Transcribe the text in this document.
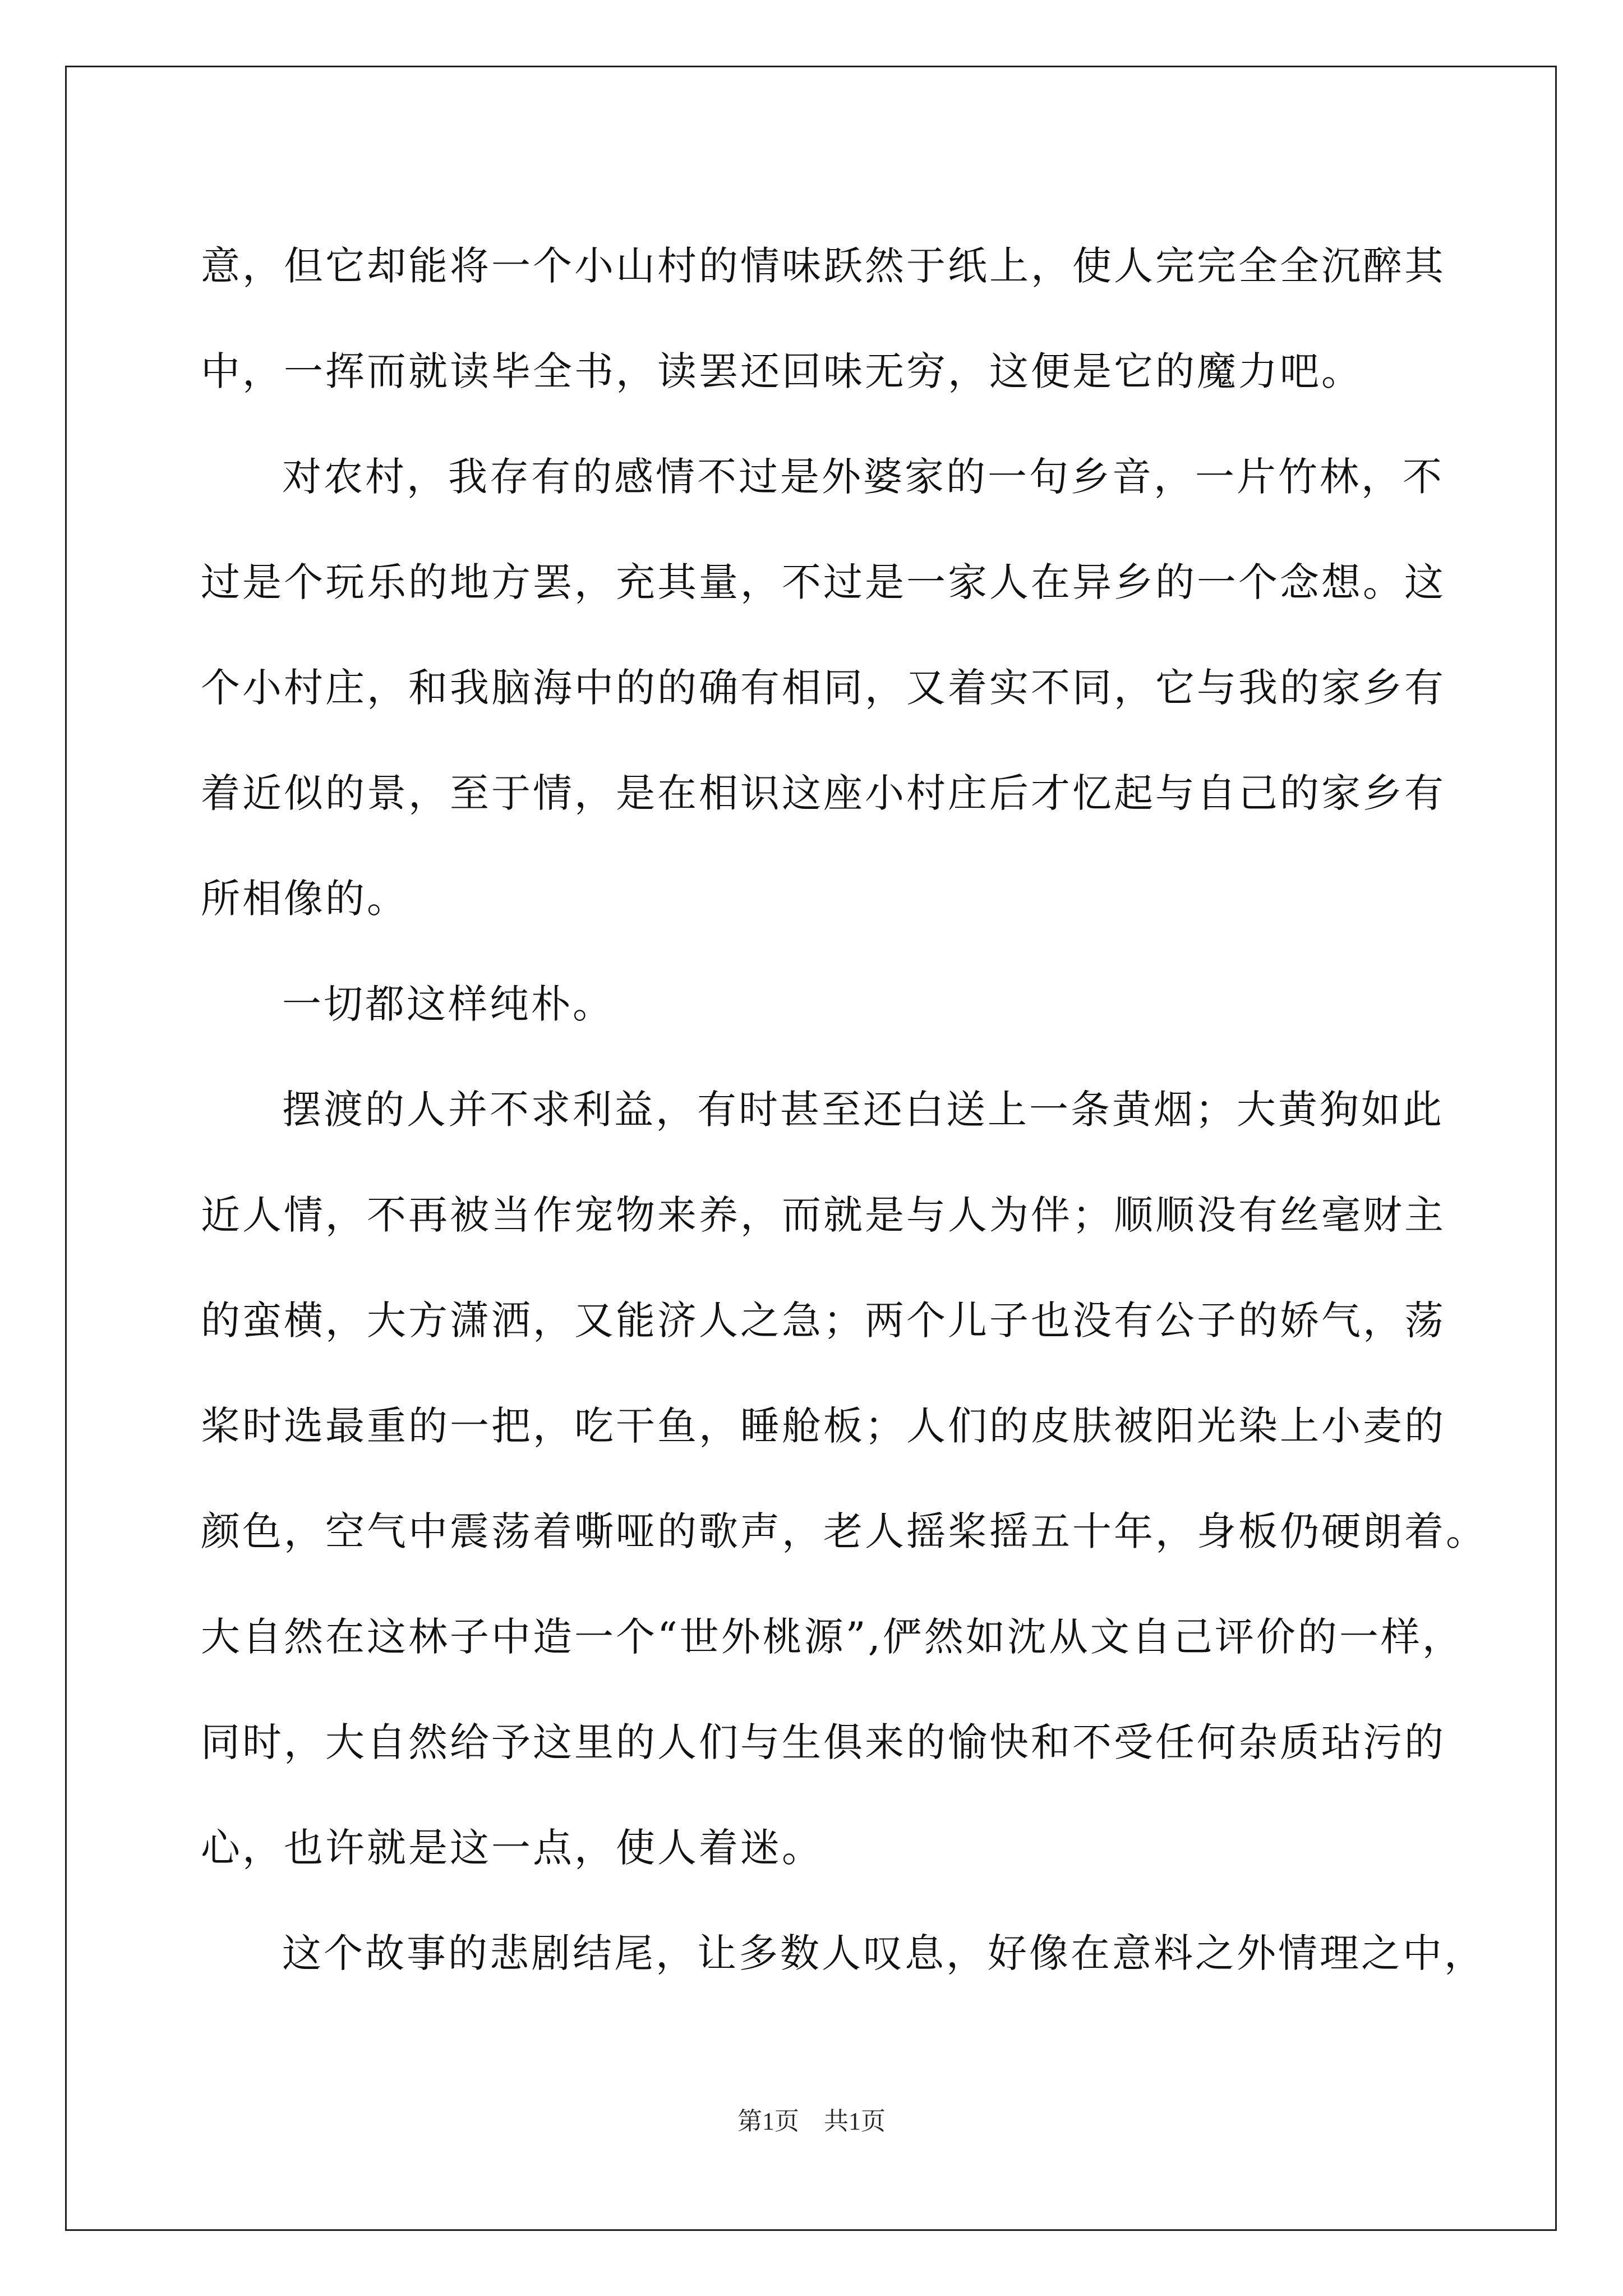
意，但它却能将一个小山村的情味跃然于纸上，使人完完全全沉醉其
中，一挥而就读毕全书，读罢还回味无穷，这便是它的魔力吧。
对农村，我存有的感情不过是外婆家的一句乡音，一片竹林，不
过是个玩乐的地方罢，充其量，不过是一家人在异乡的一个念想。这
个小村庄，和我脑海中的的确有相同，又着实不同，它与我的家乡有
着近似的景，至于情，是在相识这座小村庄后才忆起与自己的家乡有
所相像的。
一切都这样纯朴。
摆渡的人并不求利益，有时甚至还白送上一条黄烟；大黄狗如此
近人情，不再被当作宠物来养，而就是与人为伴；顺顺没有丝毫财主
的蛮横，大方潇洒，又能济人之急；两个儿子也没有公子的娇气，荡
桨时选最重的一把，吃干鱼，睡舱板；人们的皮肤被阳光染上小麦的
颜色，空气中震荡着嘶哑的歌声，老人摇桨摇五十年，身板仍硬朗着。
大自然在这林子中造一个“世外桃源”,俨然如沈从文自己评价的一样，
同时，大自然给予这里的人们与生俱来的愉快和不受任何杂质玷污的
心，也许就是这一点，使人着迷。
这个故事的悲剧结尾，让多数人叹息，好像在意料之外情理之中，
第1页　共1页
